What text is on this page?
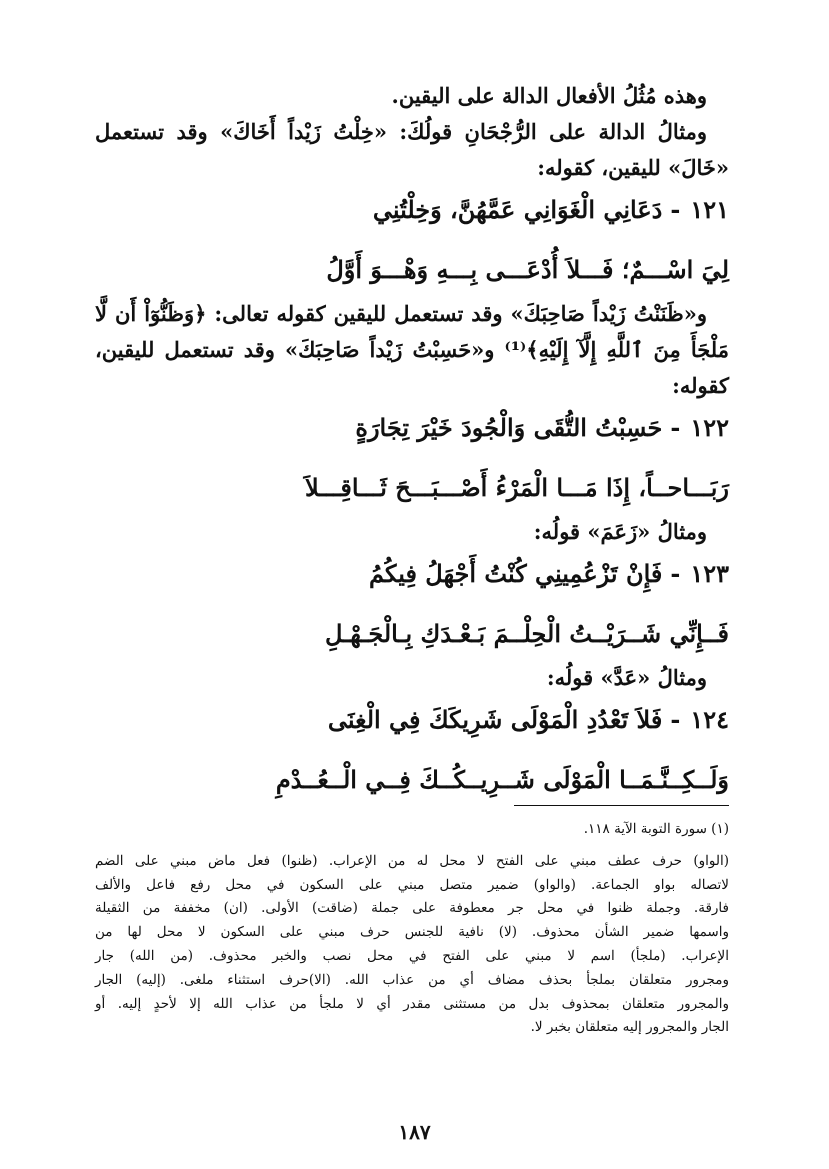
وهذه مُثُلُ الأفعال الدالة على اليقين.
ومثالُ الدالة على الرُّجْحَانِ قولُكَ: «خِلْتُ زَيْداً أَخَاكَ» وقد تستعمل
«خَالَ» لليقين، كقوله:
١٢١-دَعَانِي الْغَوَانِي عَمَّهُنَّ، وَخِلْتُنِي
لِيَ اسْـــمٌ؛ فَـــلاَ أُدْعَـــى بِـــهِ وَهْـــوَ أَوَّلُ
و«ظَنَنْتُ زَيْداً صَاحِبَكَ» وقد تستعمل لليقين كقوله تعالى: ﴿وَظَنُّوٓاْ أَن لَّا
مَلْجَأَ مِنَ ٱللَّهِ إِلَّآ إِلَيْهِ﴾⁽¹⁾ و«حَسِبْتُ زَيْداً صَاحِبَكَ» وقد تستعمل لليقين،
كقوله:
١٢٢-حَسِبْتُ التُّقَى وَالْجُودَ خَيْرَ تِجَارَةٍ
رَبَـــاحــاً، إِذَا مَـــا الْمَرْءُ أَصْـــبَـــحَ ثَـــاقِـــلاَ
ومثالُ «زَعَمَ» قولُه:
١٢٣-فَإِنْ تَزْعُمِينِي كُنْتُ أَجْهَلُ فِيكُمُ
فَــإِنِّي شَــرَيْــتُ الْحِلْــمَ بَـعْـدَكِ بِـالْجَـهْـلِ
ومثالُ «عَدَّ» قولُه:
١٢٤-فَلاَ تَعْدُدِ الْمَوْلَى شَرِيكَكَ فِي الْغِنَى
وَلَــكِــنَّـمَــا الْمَوْلَى شَــرِيــكُــكَ فِــي الْــعُــدْمِ
(١) سورة التوبة الآية ١١٨.
(الواو) حرف عطف مبني على الفتح لا محل له من الإعراب. (ظنوا) فعل ماض مبني على الضم
لاتصاله بواو الجماعة. (والواو) ضمير متصل مبني على السكون في محل رفع فاعل والألف
فارقة. وجملة ظنوا في محل جر معطوفة على جملة (ضاقت) الأولى. (ان) مخففة من الثقيلة
واسمها ضمير الشأن محذوف. (لا) نافية للجنس حرف مبني على السكون لا محل لها من
الإعراب. (ملجأ) اسم لا مبني على الفتح في محل نصب والخبر محذوف. (من الله) جار
ومجرور متعلقان بملجأ بحذف مضاف أي من عذاب الله. (الا)حرف استثناء ملغى. (إليه) الجار
والمجرور متعلقان بمحذوف بدل من مستثنى مقدر أي لا ملجأ من عذاب الله إلا لأحدٍ إليه. أو
الجار والمجرور إليه متعلقان بخبر لا.
١٨٧
